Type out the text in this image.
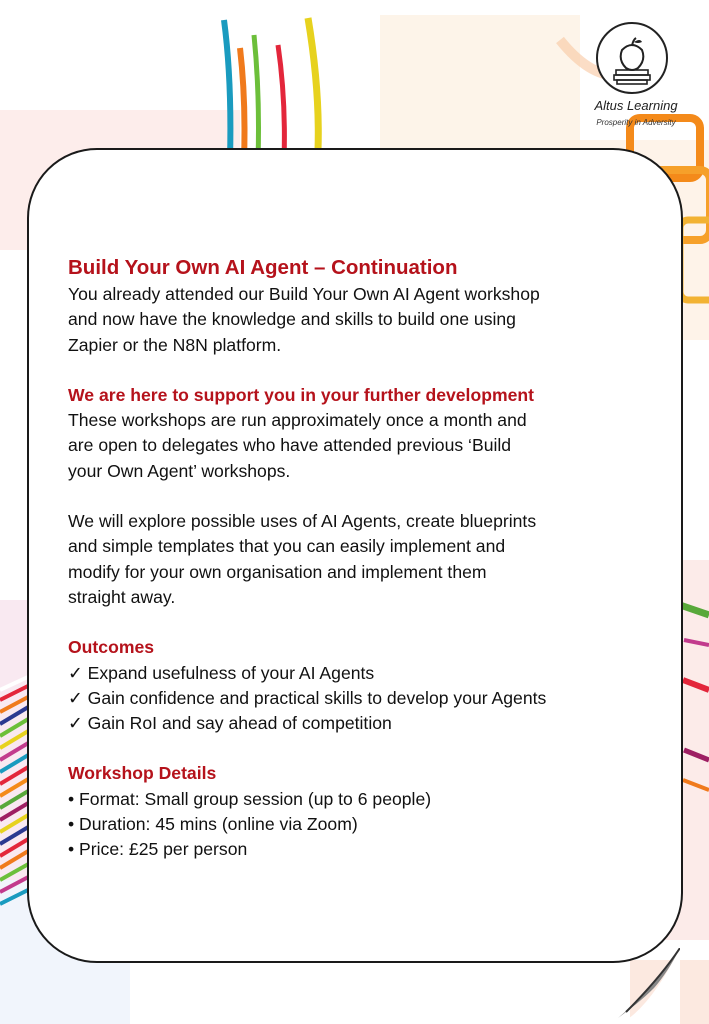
Altus Learning
Prosperity in Adversity
Build Your Own AI Agent – Continuation
You already attended our Build Your Own AI Agent workshop
and now have the knowledge and skills to build one using
Zapier or the N8N platform.
We are here to support you in your further development
These workshops are run approximately once a month and
are open to delegates who have attended previous ‘Build
your Own Agent’ workshops.
We will explore possible uses of AI Agents, create blueprints
and simple templates that you can easily implement and
modify for your own organisation and implement them
straight away.
Outcomes
✓ Expand usefulness of your AI Agents
✓ Gain confidence and practical skills to develop your Agents
✓ Gain RoI and say ahead of competition
Workshop Details
• Format: Small group session (up to 6 people)
• Duration: 45 mins (online via Zoom)
• Price: £25 per person
